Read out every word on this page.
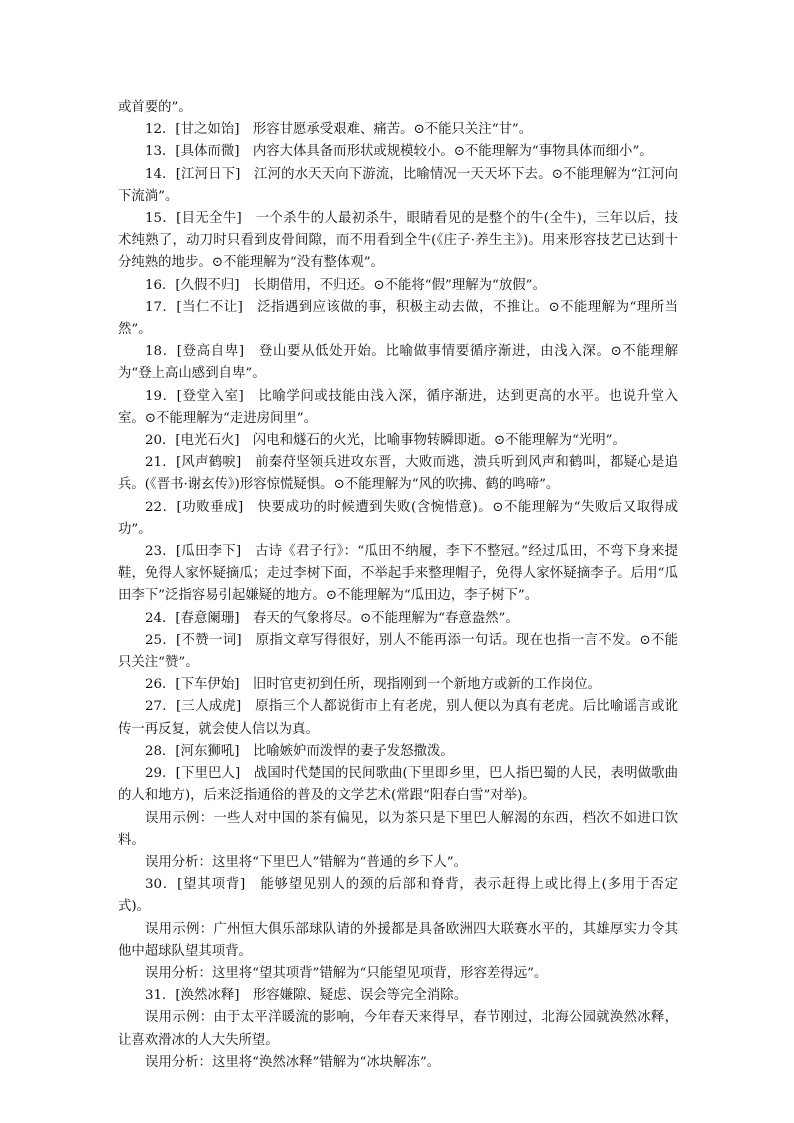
或首要的”。

12．[甘之如饴]　形容甘愿承受艰难、痛苦。⊙不能只关注“甘”。

13．[具体而微]　内容大体具备而形状或规模较小。⊙不能理解为“事物具体而细小”。

14．[江河日下]　江河的水天天向下游流，比喻情况一天天坏下去。⊙不能理解为“江河向下流淌”。

15．[目无全牛]　一个杀牛的人最初杀牛，眼睛看见的是整个的牛(全牛)，三年以后，技术纯熟了，动刀时只看到皮骨间隙，而不用看到全牛(《庄子·养生主》)。用来形容技艺已达到十分纯熟的地步。⊙不能理解为“没有整体观”。

16．[久假不归]　长期借用，不归还。⊙不能将“假”理解为“放假”。

17．[当仁不让]　泛指遇到应该做的事，积极主动去做，不推让。⊙不能理解为“理所当然”。

18．[登高自卑]　登山要从低处开始。比喻做事情要循序渐进，由浅入深。⊙不能理解为“登上高山感到自卑”。

19．[登堂入室]　比喻学问或技能由浅入深，循序渐进，达到更高的水平。也说升堂入室。⊙不能理解为“走进房间里”。

20．[电光石火]　闪电和燧石的火光，比喻事物转瞬即逝。⊙不能理解为“光明”。

21．[风声鹤唳]　前秦苻坚领兵进攻东晋，大败而逃，溃兵听到风声和鹤叫，都疑心是追兵。(《晋书·谢玄传》)形容惊慌疑惧。⊙不能理解为“风的吹拂、鹤的鸣啼”。

22．[功败垂成]　快要成功的时候遭到失败(含惋惜意)。⊙不能理解为“失败后又取得成功”。

23．[瓜田李下]　古诗《君子行》：“瓜田不纳履，李下不整冠。”经过瓜田，不弯下身来提鞋，免得人家怀疑摘瓜；走过李树下面，不举起手来整理帽子，免得人家怀疑摘李子。后用“瓜田李下”泛指容易引起嫌疑的地方。⊙不能理解为“瓜田边，李子树下”。

24．[春意阑珊]　春天的气象将尽。⊙不能理解为“春意盎然”。

25．[不赞一词]　原指文章写得很好，别人不能再添一句话。现在也指一言不发。⊙不能只关注“赞”。

26．[下车伊始]　旧时官吏初到任所，现指刚到一个新地方或新的工作岗位。

27．[三人成虎]　原指三个人都说街市上有老虎，别人便以为真有老虎。后比喻谣言或讹传一再反复，就会使人信以为真。

28．[河东狮吼]　比喻嫉妒而泼悍的妻子发怒撒泼。

29．[下里巴人]　战国时代楚国的民间歌曲(下里即乡里，巴人指巴蜀的人民，表明做歌曲的人和地方)，后来泛指通俗的普及的文学艺术(常跟“阳春白雪”对举)。

误用示例：一些人对中国的茶有偏见，以为茶只是下里巴人解渴的东西，档次不如进口饮料。

误用分析：这里将“下里巴人”错解为“普通的乡下人”。

30．[望其项背]　能够望见别人的颈的后部和脊背，表示赶得上或比得上(多用于否定式)。

误用示例：广州恒大俱乐部球队请的外援都是具备欧洲四大联赛水平的，其雄厚实力令其他中超球队望其项背。

误用分析：这里将“望其项背”错解为“只能望见项背，形容差得远”。

31．[涣然冰释]　形容嫌隙、疑虑、误会等完全消除。

误用示例：由于太平洋暖流的影响，今年春天来得早，春节刚过，北海公园就涣然冰释，让喜欢滑冰的人大失所望。

误用分析：这里将“涣然冰释”错解为“冰块解冻”。
